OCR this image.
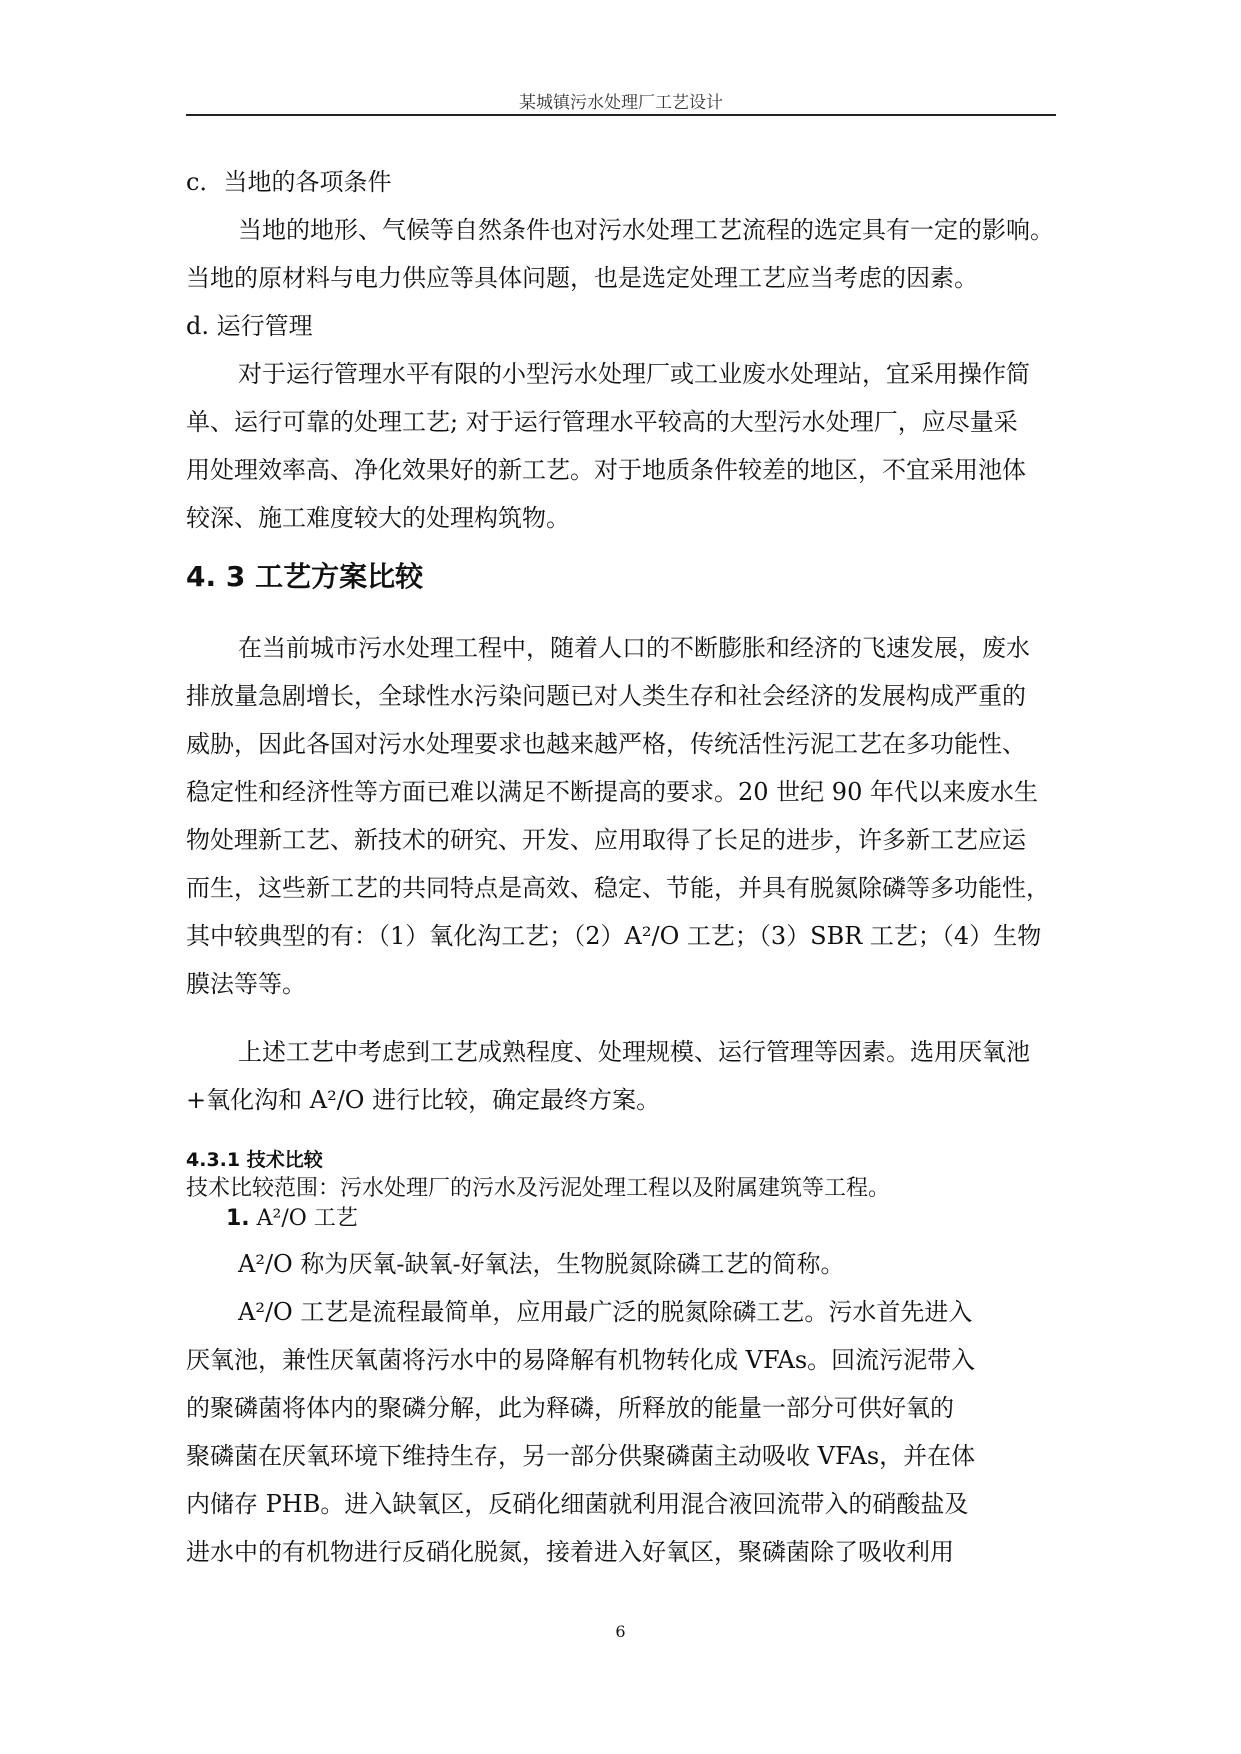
某城镇污水处理厂工艺设计

c．当地的各项条件

当地的地形、气候等自然条件也对污水处理工艺流程的选定具有一定的影响。

当地的原材料与电力供应等具体问题，也是选定处理工艺应当考虑的因素。

d. 运行管理

对于运行管理水平有限的小型污水处理厂或工业废水处理站，宜采用操作简

单、运行可靠的处理工艺; 对于运行管理水平较高的大型污水处理厂，应尽量采

用处理效率高、净化效果好的新工艺。对于地质条件较差的地区，不宜采用池体

较深、施工难度较大的处理构筑物。

4. 3 工艺方案比较

在当前城市污水处理工程中，随着人口的不断膨胀和经济的飞速发展，废水

排放量急剧增长，全球性水污染问题已对人类生存和社会经济的发展构成严重的

威胁，因此各国对污水处理要求也越来越严格，传统活性污泥工艺在多功能性、

稳定性和经济性等方面已难以满足不断提高的要求。20 世纪 90 年代以来废水生

物处理新工艺、新技术的研究、开发、应用取得了长足的进步，许多新工艺应运

而生，这些新工艺的共同特点是高效、稳定、节能，并具有脱氮除磷等多功能性，

其中较典型的有：（1）氧化沟工艺；（2）A²/O 工艺；（3）SBR 工艺；（4）生物

膜法等等。

上述工艺中考虑到工艺成熟程度、处理规模、运行管理等因素。选用厌氧池

+氧化沟和 A²/O 进行比较，确定最终方案。

4.3.1 技术比较

技术比较范围：污水处理厂的污水及污泥处理工程以及附属建筑等工程。

1. A²/O 工艺

A²/O 称为厌氧-缺氧-好氧法，生物脱氮除磷工艺的简称。

A²/O 工艺是流程最简单，应用最广泛的脱氮除磷工艺。污水首先进入

厌氧池，兼性厌氧菌将污水中的易降解有机物转化成 VFAs。回流污泥带入

的聚磷菌将体内的聚磷分解，此为释磷，所释放的能量一部分可供好氧的

聚磷菌在厌氧环境下维持生存，另一部分供聚磷菌主动吸收 VFAs，并在体

内储存 PHB。进入缺氧区，反硝化细菌就利用混合液回流带入的硝酸盐及

进水中的有机物进行反硝化脱氮，接着进入好氧区，聚磷菌除了吸收利用

6
